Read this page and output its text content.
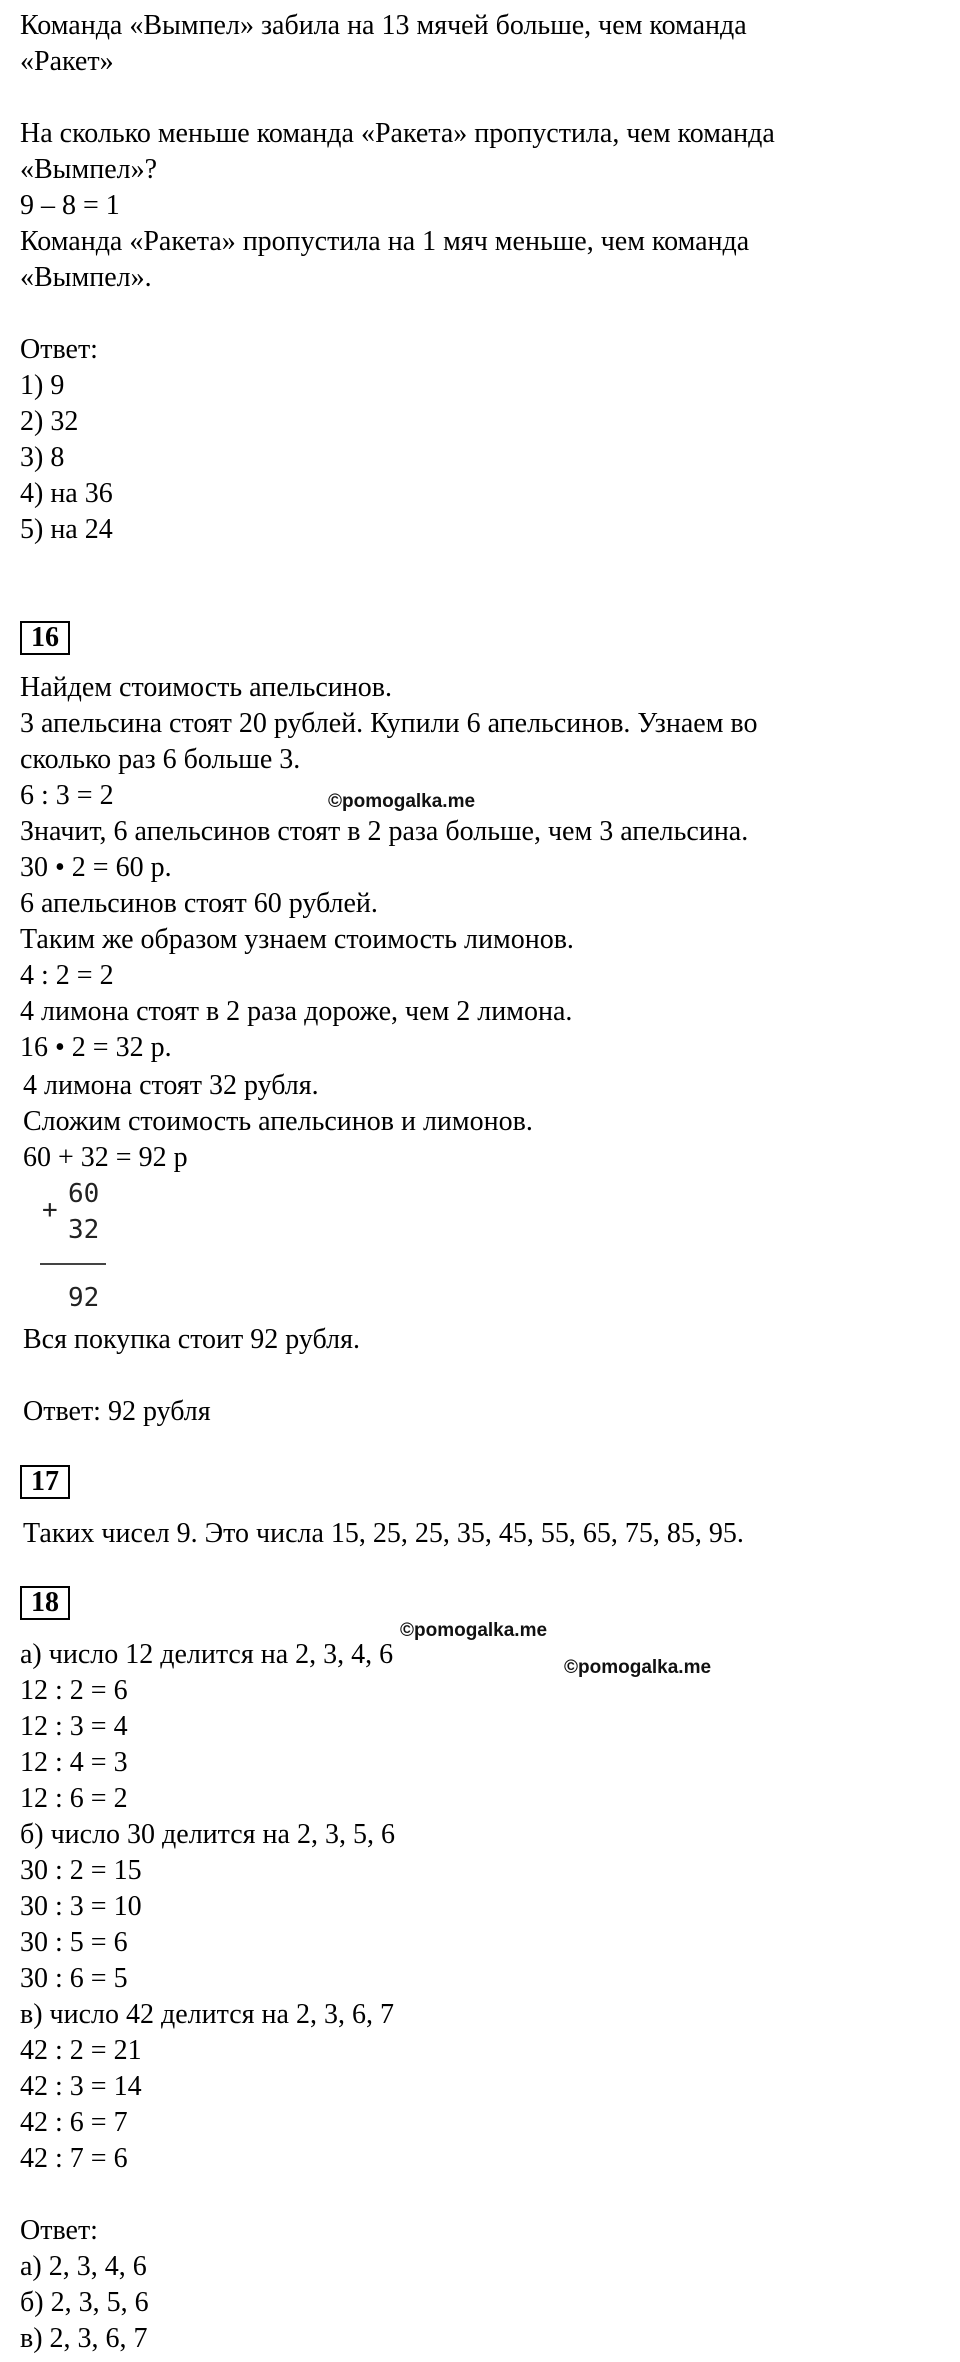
Команда «Вымпел» забила на 13 мячей больше, чем команда
«Ракет»
На сколько меньше команда «Ракета» пропустила, чем команда
«Вымпел»?
9 – 8 = 1
Команда «Ракета» пропустила на 1 мяч меньше, чем команда
«Вымпел».
Ответ:
1) 9
2) 32
3) 8
4) на 36
5) на 24
16
Найдем стоимость апельсинов.
3 апельсина стоят 20 рублей. Купили 6 апельсинов. Узнаем во
сколько раз 6 больше 3.
6 : 3 = 2	©pomogalka.me
Значит, 6 апельсинов стоят в 2 раза больше, чем 3 апельсина.
30 • 2 = 60 р.
6 апельсинов стоят 60 рублей.
Таким же образом узнаем стоимость лимонов.
4 : 2 = 2
4 лимона стоят в 2 раза дороже, чем 2 лимона.
16 • 2 = 32 р.
4 лимона стоят 32 рубля.
Сложим стоимость апельсинов и лимонов.
60 + 32 = 92 р
+
60
32
92
Вся покупка стоит 92 рубля.
Ответ: 92 рубля
17
Таких чисел 9. Это числа 15, 25, 25, 35, 45, 55, 65, 75, 85, 95.
18
©pomogalka.me
а) число 12 делится на 2, 3, 4, 6	©pomogalka.me
12 : 2 = 6
12 : 3 = 4
12 : 4 = 3
12 : 6 = 2
б) число 30 делится на 2, 3, 5, 6
30 : 2 = 15
30 : 3 = 10
30 : 5 = 6
30 : 6 = 5
в) число 42 делится на 2, 3, 6, 7
42 : 2 = 21
42 : 3 = 14
42 : 6 = 7
42 : 7 = 6
Ответ:
а) 2, 3, 4, 6
б) 2, 3, 5, 6
в) 2, 3, 6, 7
